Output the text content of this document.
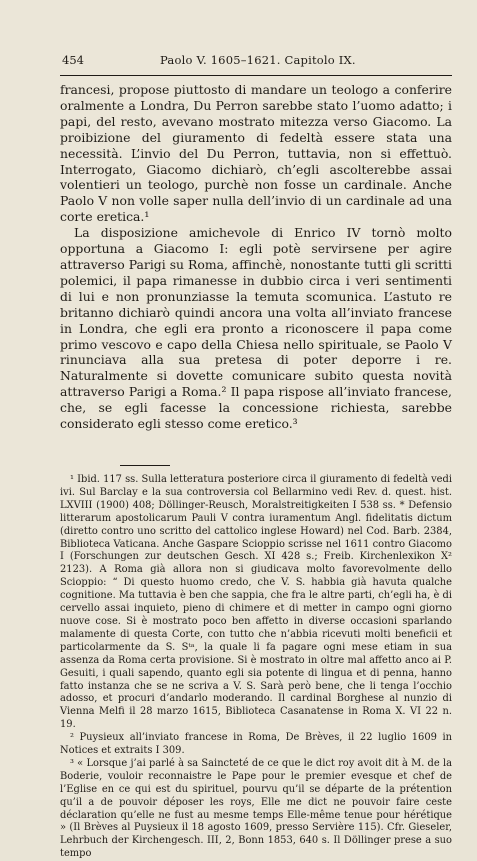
454	Paolo V. 1605–1621. Capitolo IX.

francesi, propose piuttosto di mandare un teologo a conferire oralmente a Londra, Du Perron sarebbe stato l’uomo adatto; i papi, del resto, avevano mostrato mitezza verso Giacomo. La proibizione del giuramento di fedeltà essere stata una necessità. L’invio del Du Perron, tuttavia, non si effettuò. Interrogato, Giacomo dichiarò, ch’egli ascolterebbe assai volentieri un teologo, purchè non fosse un cardinale. Anche Paolo V non volle saper nulla dell’invio di un cardinale ad una corte eretica.¹

La disposizione amichevole di Enrico IV tornò molto opportuna a Giacomo I: egli potè servirsene per agire attraverso Parigi su Roma, affinchè, nonostante tutti gli scritti polemici, il papa rimanesse in dubbio circa i veri sentimenti di lui e non pronunziasse la temuta scomunica. L’astuto re britanno dichiarò quindi ancora una volta all’inviato francese in Londra, che egli era pronto a riconoscere il papa come primo vescovo e capo della Chiesa nello spirituale, se Paolo V rinunciava alla sua pretesa di poter deporre i re. Naturalmente si dovette comunicare subito questa novità attraverso Parigi a Roma.² Il papa rispose all’inviato francese, che, se egli facesse la concessione richiesta, sarebbe considerato egli stesso come eretico.³

¹ Ibid. 117 ss. Sulla letteratura posteriore circa il giuramento di fedeltà vedi ivi. Sul Barclay e la sua controversia col Bellarmino vedi Rev. d. quest. hist. LXVIII (1900) 408; Döllinger-Reusch, Moralstreitigkeiten I 538 ss. * Defensio litterarum apostolicarum Pauli V contra iuramentum Angl. fidelitatis dictum (diretto contro uno scritto del cattolico inglese Howard) nel Cod. Barb. 2384, Biblioteca Vaticana. Anche Gaspare Scioppio scrisse nel 1611 contro Giacomo I (Forschungen zur deutschen Gesch. XI 428 s.; Freib. Kirchenlexikon X² 2123). A Roma già allora non si giudicava molto favorevolmente dello Scioppio: “ Di questo huomo credo, che V. S. habbia già havuta qualche cognitione. Ma tuttavia è ben che sappia, che fra le altre parti, ch’egli ha, è di cervello assai inquieto, pieno di chimere et di metter in campo ogni giorno nuove cose. Si è mostrato poco ben affetto in diverse occasioni sparlando malamente di questa Corte, con tutto che n’abbia ricevuti molti beneficii et particolarmente da S. Sᵗᵃ, la quale li fa pagare ogni mese etiam in sua assenza da Roma certa provisione. Si è mostrato in oltre mal affetto anco ai P. Gesuiti, i quali sapendo, quanto egli sia potente di lingua et di penna, hanno fatto instanza che se ne scriva a V. S. Sarà però bene, che li tenga l’occhio adosso, et procuri d’andarlo moderando. Il cardinal Borghese al nunzio di Vienna Melfi il 28 marzo 1615, Biblioteca Casanatense in Roma X. VI 22 n. 19.

² Puysieux all’inviato francese in Roma, De Brèves, il 22 luglio 1609 in Notices et extraits I 309.

³ « Lorsque j’ai parlé à sa Saincteté de ce que le dict roy avoit dit à M. de la Boderie, vouloir reconnaistre le Pape pour le premier evesque et chef de l’Eglise en ce qui est du spirituel, pourvu qu’il se départe de la prétention qu’il a de pouvoir déposer les roys, Elle me dict ne pouvoir faire ceste déclaration qu’elle ne fust au mesme temps Elle-même tenue pour hérétique » (Il Brèves al Puysieux il 18 agosto 1609, presso Servière 115). Cfr. Gieseler, Lehrbuch der Kirchengesch. III, 2, Bonn 1853, 640 s. Il Döllinger prese a suo tempo
